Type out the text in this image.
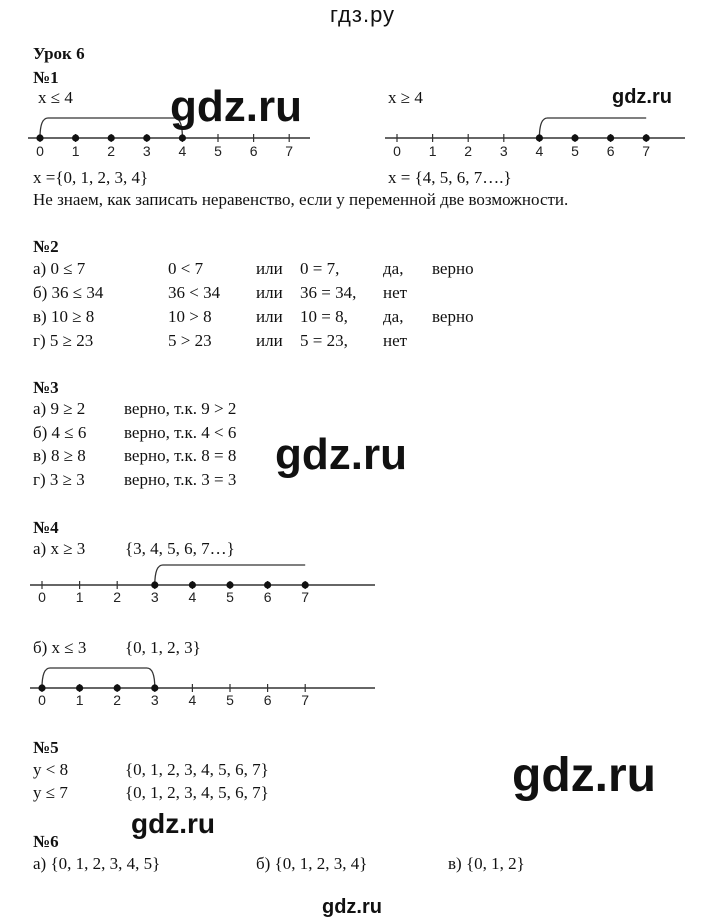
гдз.ру
Урок 6
№1
x ≤ 4	x ≥ 4
0 1 2 3 4 5 6 7	0 1 2 3 4 5 6 7
x ={0, 1, 2, 3, 4}	x = {4, 5, 6, 7….}
Не знаем, как записать неравенство, если у переменной две возможности.
№2
а) 0 ≤ 7	0 < 7	или 0 = 7,	да, верно
б) 36 ≤ 34	36 < 34 или 36 = 34, нет
в) 10 ≥ 8	10 > 8	или 10 = 8, да, верно
г) 5 ≥ 23	5 > 23	или 5 = 23, нет
№3
а) 9 ≥ 2 верно, т.к. 9 > 2
б) 4 ≤ 6 верно, т.к. 4 < 6
в) 8 ≥ 8 верно, т.к. 8 = 8
г) 3 ≥ 3 верно, т.к. 3 = 3
№4
а) x ≥ 3 {3, 4, 5, 6, 7…}
0 1 2 3 4 5 6 7
б) x ≤ 3 {0, 1, 2, 3}
0 1 2 3 4 5 6 7
№5
y < 8	{0, 1, 2, 3, 4, 5, 6, 7}
y ≤ 7	{0, 1, 2, 3, 4, 5, 6, 7}
№6
а) {0, 1, 2, 3, 4, 5}	б) {0, 1, 2, 3, 4}	в) {0, 1, 2}
gdz.ru	gdz.ru
gdz.ru
gdz.ru
gdz.ru
gdz.ru
